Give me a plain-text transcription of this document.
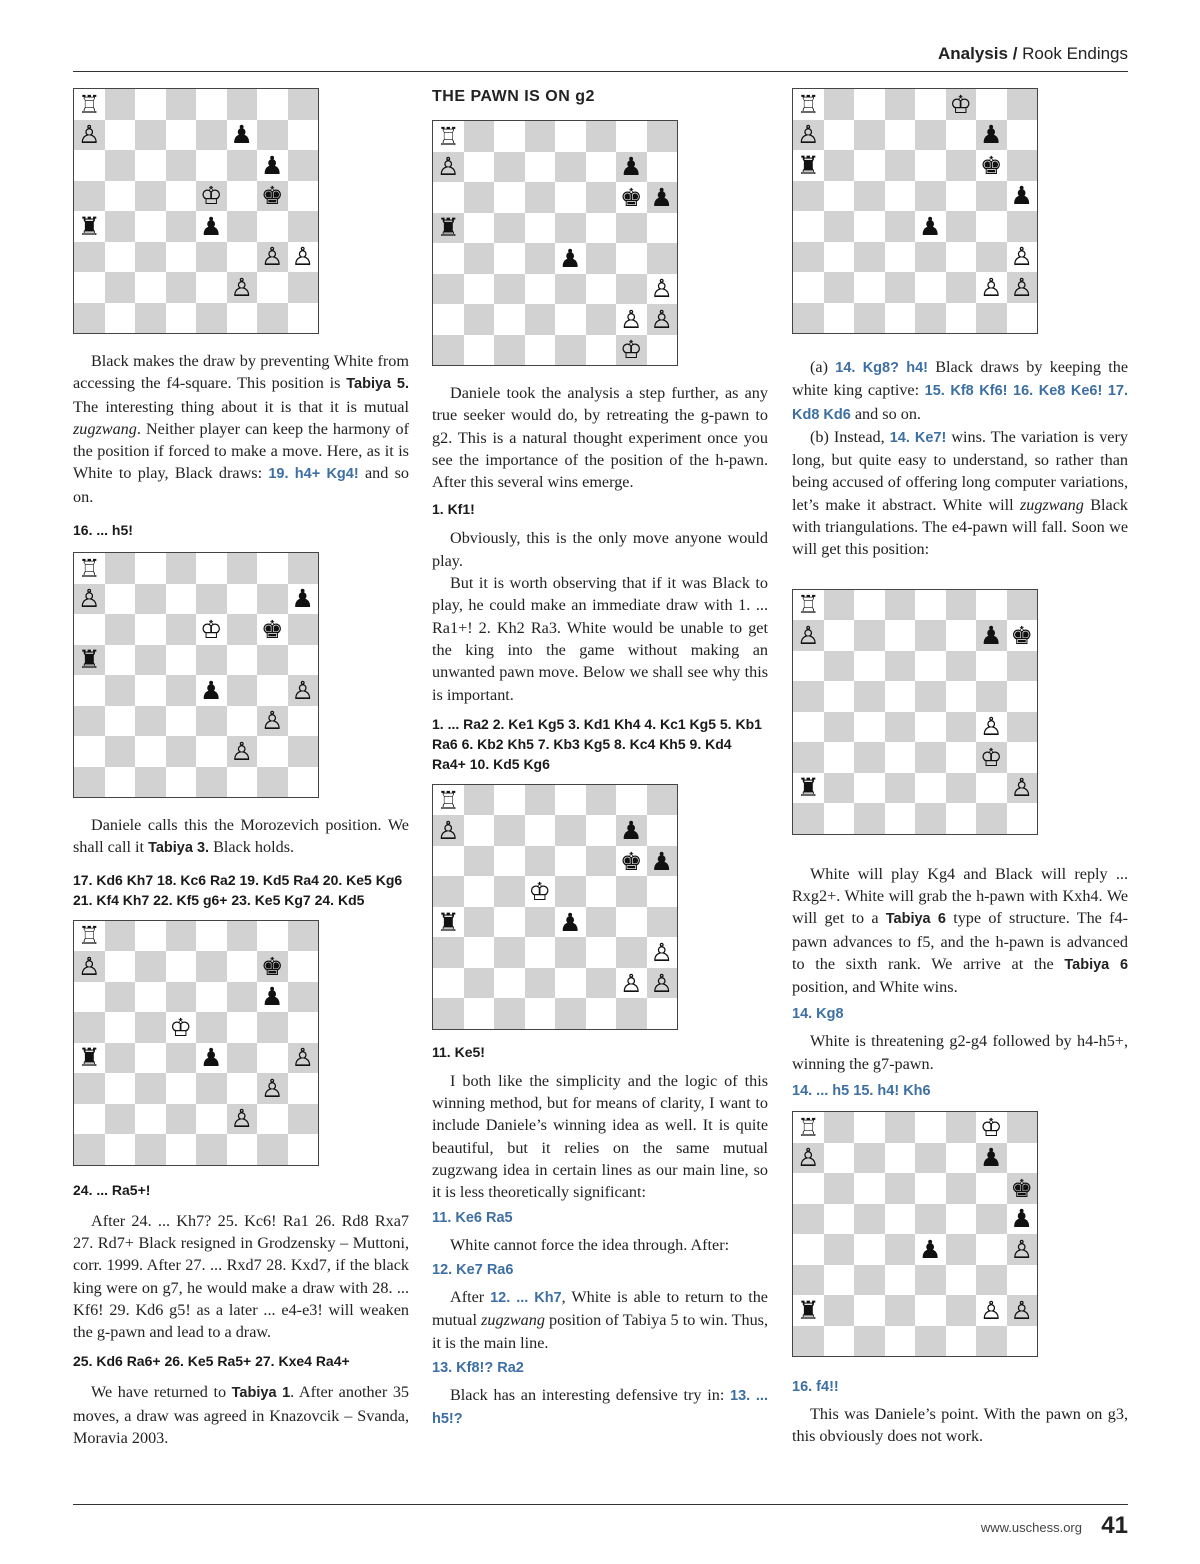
Analysis / Rook Endings
♖
♙	♟
♟
♔ ♚
♜	♟
♙ ♙
♙

Black makes the draw by preventing White from accessing the f4-square. This position is Tabiya 5. The interesting thing about it is that it is mutual zugzwang. Neither player can keep the harmony of the position if forced to make a move. Here, as it is White to play, Black draws: 19. h4+ Kg4! and so on.

16. ... h5!
♖
♙	♟
♔ ♚
♜
♟	♙
♙
♙

Daniele calls this the Morozevich position. We shall call it Tabiya 3. Black holds.

17. Kd6 Kh7 18. Kc6 Ra2 19. Kd5 Ra4 20. Ke5 Kg6 21. Kf4 Kh7 22. Kf5 g6+ 23. Ke5 Kg7 24. Kd5
♖
♙	♚
♟
♔
♜	♟	♙
♙
♙
24. ... Ra5+!

After 24. ... Kh7? 25. Kc6! Ra1 26. Rd8 Rxa7 27. Rd7+ Black resigned in Grodzensky – Muttoni, corr. 1999. After 27. ... Rxd7 28. Kxd7, if the black king were on g7, he would make a draw with 28. ... Kf6! 29. Kd6 g5! as a later ... e4-e3! will weaken the g-pawn and lead to a draw.

25. Kd6 Ra6+ 26. Ke5 Ra5+ 27. Kxe4 Ra4+

We have returned to Tabiya 1. After another 35 moves, a draw was agreed in Knazovcik – Svanda, Moravia 2003.

THE PAWN IS ON g2
♖
♙	♟
♚ ♟
♜
♟
♙
♙ ♙
♔

Daniele took the analysis a step further, as any true seeker would do, by retreating the g-pawn to g2. This is a natural thought experiment once you see the importance of the position of the h-pawn. After this several wins emerge.

1. Kf1!

Obviously, this is the only move anyone would play.

But it is worth observing that if it was Black to play, he could make an immediate draw with 1. ... Ra1+! 2. Kh2 Ra3. White would be unable to get the king into the game without making an unwanted pawn move. Below we shall see why this is important.

1. ... Ra2 2. Ke1 Kg5 3. Kd1 Kh4 4. Kc1 Kg5 5. Kb1 Ra6 6. Kb2 Kh5 7. Kb3 Kg5 8. Kc4 Kh5 9. Kd4 Ra4+ 10. Kd5 Kg6
♖
♙	♟
♚ ♟
♔
♜	♟
♙
♙ ♙
11. Ke5!

I both like the simplicity and the logic of this winning method, but for means of clarity, I want to include Daniele’s winning idea as well. It is quite beautiful, but it relies on the same mutual zugzwang idea in certain lines as our main line, so it is less theoretically significant:

11. Ke6 Ra5

White cannot force the idea through. After:

12. Ke7 Ra6

After 12. ... Kh7, White is able to return to the mutual zugzwang position of Tabiya 5 to win. Thus, it is the main line.

13. Kf8!? Ra2

Black has an interesting defensive try in: 13. ... h5!?

♖	♔
♙	♟
♜	♚
♟
♟
♙
♙ ♙

(a) 14. Kg8? h4! Black draws by keeping the white king captive: 15. Kf8 Kf6! 16. Ke8 Ke6! 17. Kd8 Kd6 and so on.

(b) Instead, 14. Ke7! wins. The variation is very long, but quite easy to understand, so rather than being accused of offering long computer variations, let’s make it abstract. White will zugzwang Black with triangulations. The e4-pawn will fall. Soon we will get this position:

♖
♙	♟ ♚
♙
♔
♜	♙

White will play Kg4 and Black will reply ... Rxg2+. White will grab the h-pawn with Kxh4. We will get to a Tabiya 6 type of structure. The f4-pawn advances to f5, and the h-pawn is advanced to the sixth rank. We arrive at the Tabiya 6 position, and White wins.

14. Kg8

White is threatening g2-g4 followed by h4-h5+, winning the g7-pawn.

14. ... h5 15. h4! Kh6
♖	♔
♙	♟
♚
♟
♟	♙
♜	♙ ♙
16. f4!!

This was Daniele’s point. With the pawn on g3, this obviously does not work.

www.uschess.org 41
